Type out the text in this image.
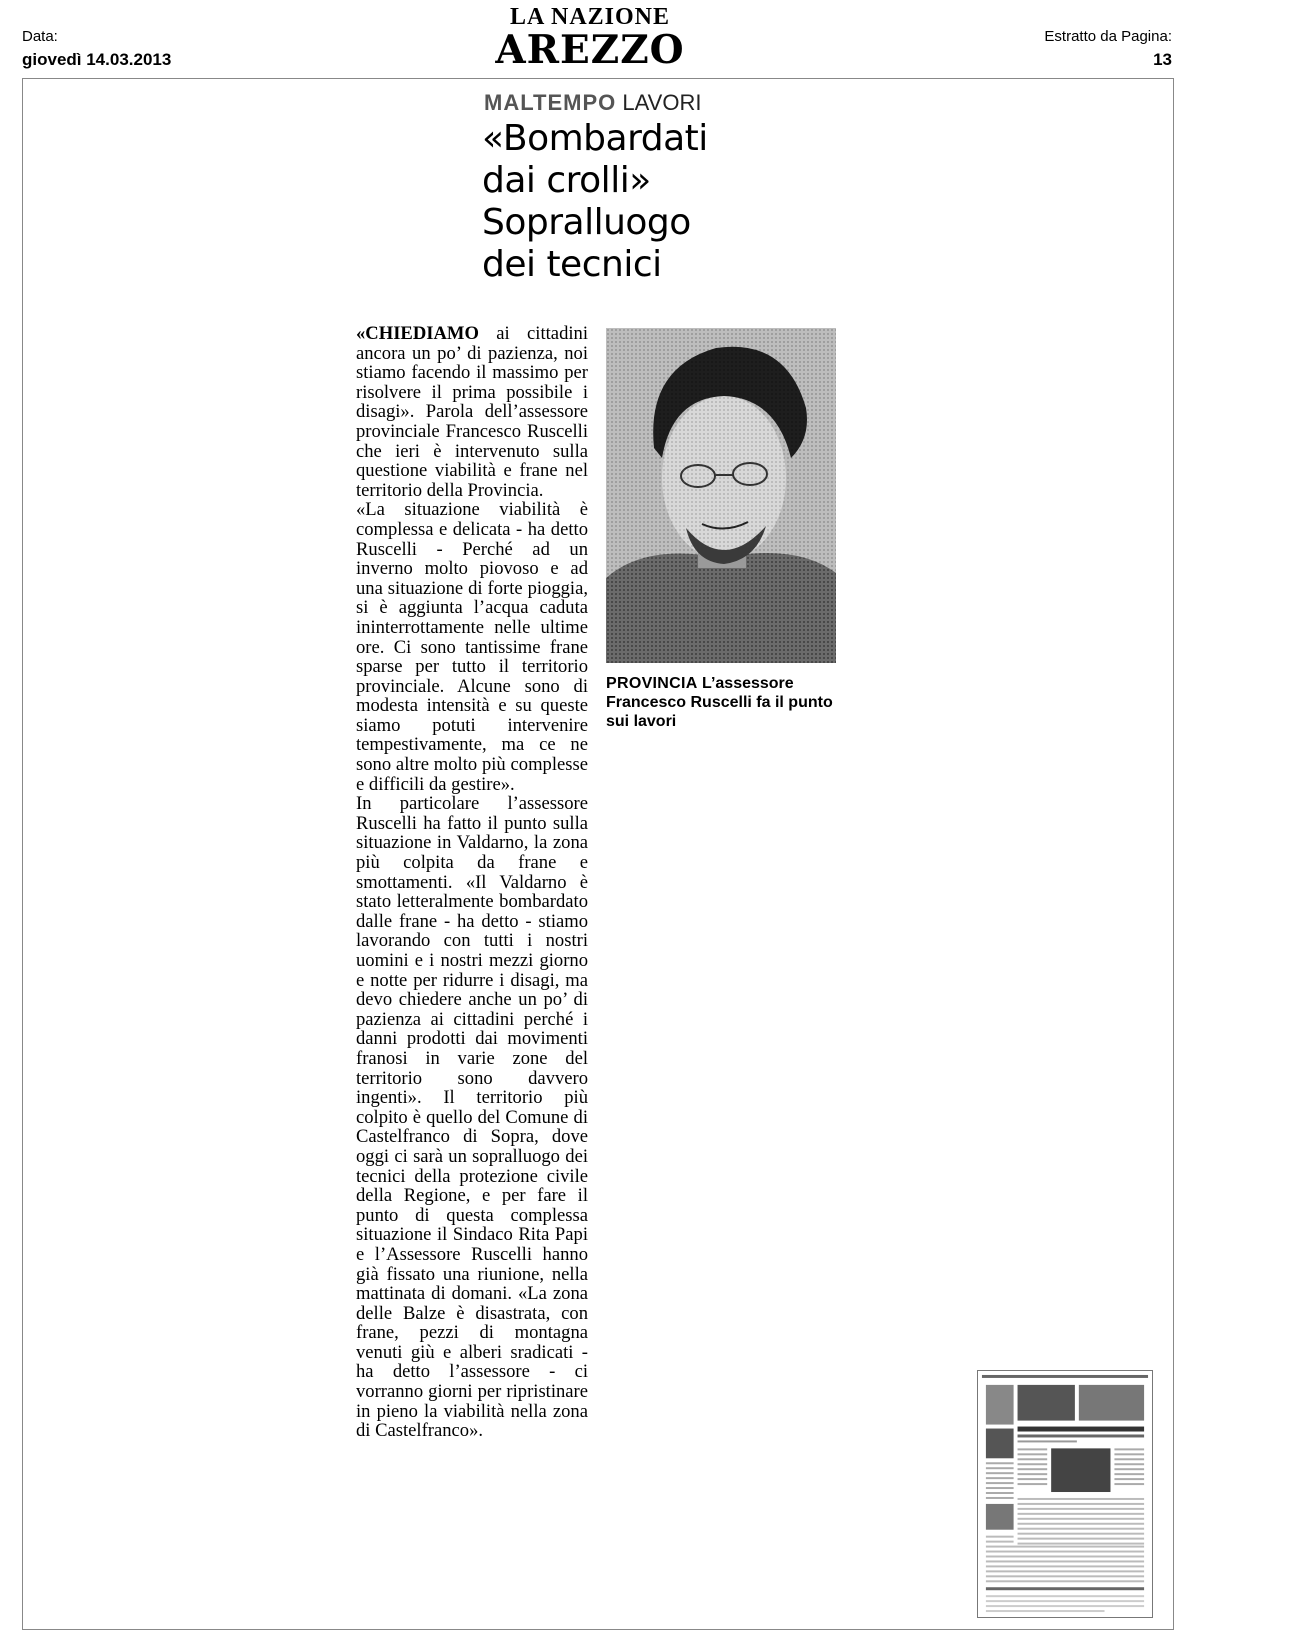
Data:
giovedì 14.03.2013
LA NAZIONE
AREZZO	Estratto da Pagina:
13
MALTEMPO LAVORI
«Bombardati
dai crolli»
Sopralluogo
dei tecnici

«CHIEDIAMO ai cittadini ancora un po’ di pazienza, noi stiamo facendo il massimo per risolvere il prima possibile i disagi». Parola dell’assessore provinciale Francesco Ruscelli che ieri è intervenuto sulla questione viabilità e frane nel territorio della Provincia.

«La situazione viabilità è complessa e delicata - ha detto Ruscelli - Perché ad un inverno molto piovoso e ad una situazione di forte pioggia, si è aggiunta l’acqua caduta ininterrottamente nelle ultime ore. Ci sono tantissime frane sparse per tutto il territorio provinciale. Alcune sono di modesta intensità e su queste siamo potuti intervenire tempestivamente, ma ce ne sono altre molto più complesse e difficili da gestire».

In particolare l’assessore Ruscelli ha fatto il punto sulla situazione in Valdarno, la zona più colpita da frane e smottamenti. «Il Valdarno è stato letteralmente bombardato dalle frane - ha detto - stiamo lavorando con tutti i nostri uomini e i nostri mezzi giorno e notte per ridurre i disagi, ma devo chiedere anche un po’ di pazienza ai cittadini perché i danni prodotti dai movimenti franosi in varie zone del territorio sono davvero ingenti». Il territorio più colpito è quello del Comune di Castelfranco di Sopra, dove oggi ci sarà un sopralluogo dei tecnici della protezione civile della Regione, e per fare il punto di questa complessa situazione il Sindaco Rita Papi e l’Assessore Ruscelli hanno già fissato una riunione, nella mattinata di domani. «La zona delle Balze è disastrata, con frane, pezzi di montagna venuti giù e alberi sradicati - ha detto l’assessore - ci vorranno giorni per ripristinare in pieno la viabilità nella zona di Castelfranco».

PROVINCIA L’assessore Francesco Ruscelli fa il punto sui lavori
